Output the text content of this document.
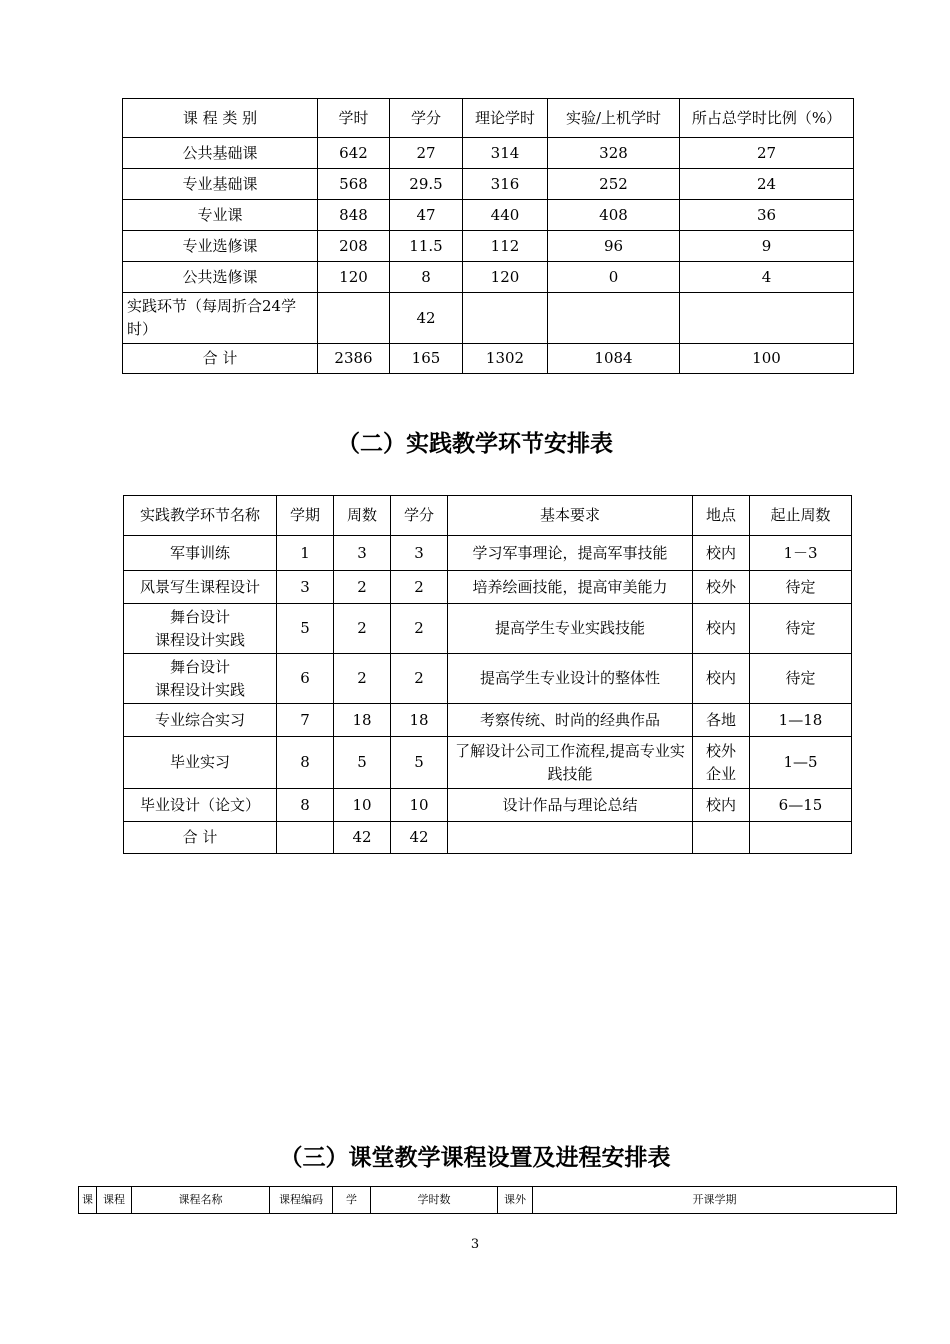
课 程 类 别	学时	学分	理论学时	实验/上机学时	所占总学时比例（%）
公共基础课	642	27	314	328	27
专业基础课	568	29.5	316	252	24
专业课	848	47	440	408	36
专业选修课	208	11.5	112	96	9
公共选修课	120	8	120	0	4
实践环节（每周折合24学时）		42			
合 计	2386	165	1302	1084	100
（二）实践教学环节安排表
实践教学环节名称	学期	周数	学分	基本要求	地点	起止周数
军事训练	1	3	3	学习军事理论，提高军事技能	校内	1－3
风景写生课程设计	3	2	2	培养绘画技能，提高审美能力	校外	待定
舞台设计
课程设计实践	5	2	2	提高学生专业实践技能	校内	待定
舞台设计
课程设计实践	6	2	2	提高学生专业设计的整体性	校内	待定
专业综合实习	7	18	18	考察传统、时尚的经典作品	各地	1—18
毕业实习	8	5	5	了解设计公司工作流程,提高专业实践技能	校外
企业	1—5
毕业设计（论文）	8	10	10	设计作品与理论总结	校内	6—15
合 计		42	42			
（三）课堂教学课程设置及进程安排表
课	课程	课程名称	课程编码	学	学时数	课外	开课学期
3
